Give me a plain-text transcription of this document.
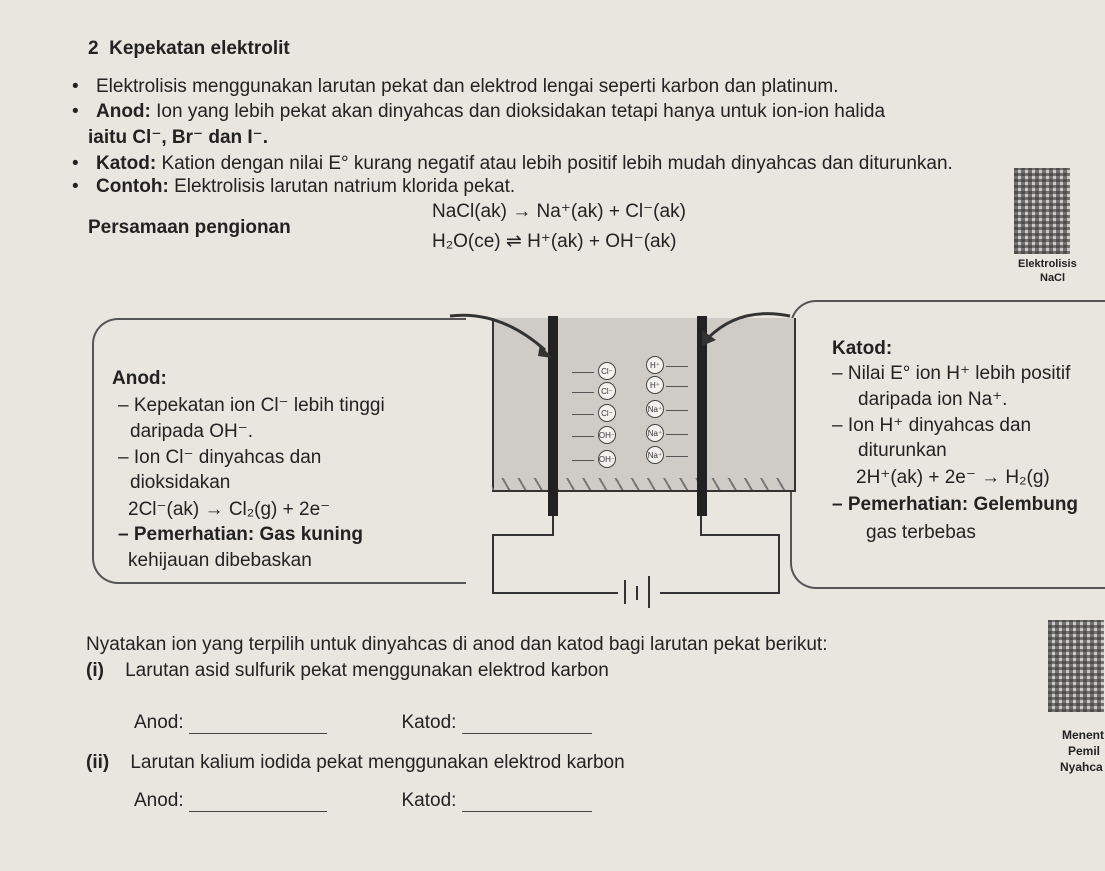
2 Kepekatan elektrolit
• Elektrolisis menggunakan larutan pekat dan elektrod lengai seperti karbon dan platinum.
• Anod: Ion yang lebih pekat akan dinyahcas dan dioksidakan tetapi hanya untuk ion-ion halida
iaitu Cl⁻, Br⁻ dan I⁻.
• Katod: Kation dengan nilai E° kurang negatif atau lebih positif lebih mudah dinyahcas dan diturunkan.
• Contoh: Elektrolisis larutan natrium klorida pekat.
Persamaan pengionan
NaCl(ak) → Na⁺(ak) + Cl⁻(ak)
H₂O(ce) ⇌ H⁺(ak) + OH⁻(ak)
Elektrolisis
NaCl
Anod:
– Kepekatan ion Cl⁻ lebih tinggi
daripada OH⁻.
– Ion Cl⁻ dinyahcas dan
dioksidakan
2Cl⁻(ak) → Cl₂(g) + 2e⁻
– Pemerhatian: Gas kuning
kehijauan dibebaskan
Katod:
– Nilai E° ion H⁺ lebih positif
daripada ion Na⁺.
– Ion H⁺ dinyahcas dan
diturunkan
2H⁺(ak) + 2e⁻ → H₂(g)
– Pemerhatian: Gelembung
gas terbebas
Cl⁻
H⁺
Cl⁻
H⁺
Cl⁻	Na⁺
OH⁻	Na⁺
OH⁻	Na⁺
Nyatakan ion yang terpilih untuk dinyahcas di anod dan katod bagi larutan pekat berikut:
(i) Larutan asid sulfurik pekat menggunakan elektrod karbon
Anod:	Katod:
(ii) Larutan kalium iodida pekat menggunakan elektrod karbon
Anod:	Katod:
Menent
Pemil
Nyahca
